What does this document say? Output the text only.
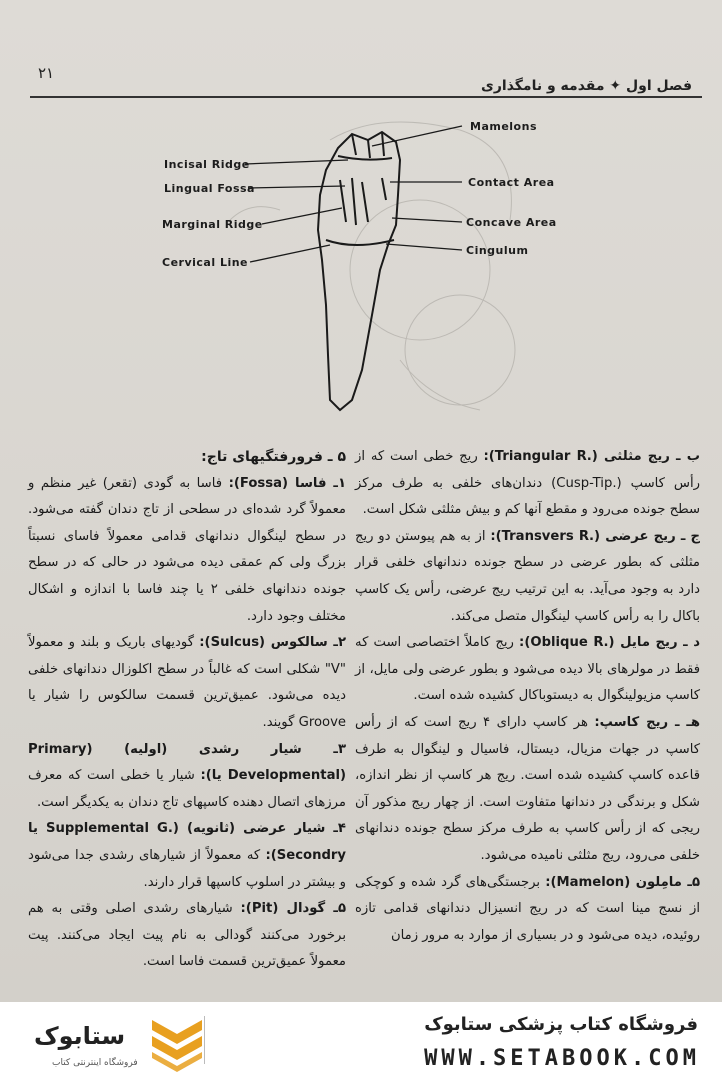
۲۱
فصل اول ✦ مقدمه و نامگذاری
Mamelons
Incisal Ridge
Lingual Fossa	Contact Area
Marginal Ridge	Concave Area
Cingulum
Cervical Line

ب ـ ریج مثلثی (.Triangular R): ریج خطی است که از رأس کاسپ (.Cusp-Tip) دندان‌های خلفی به طرف مرکز سطح جونده می‌رود و مقطع آنها کم و بیش مثلثی شکل است.

ج ـ ریج عرضی (.Transvers R): از به هم پیوستن دو ریج مثلثی که بطور عرضی در سطح جونده دندانهای خلفی قرار دارد به وجود می‌آید. به این ترتیب ریج عرضی، رأس یک کاسپ باکال را به رأس کاسپ لینگوال متصل می‌کند.

د ـ ریج مایل (.Oblique R): ریج کاملاً اختصاصی است که فقط در مولرهای بالا دیده می‌شود و بطور عرضی ولی مایل، از کاسپ مزیولینگوال به دیستوباکال کشیده شده است.

هـ ـ ریج کاسپ: هر کاسپ دارای ۴ ریج است که از رأس کاسپ در جهات مزیال، دیستال، فاسیال و لینگوال به طرف قاعده کاسپ کشیده شده است. ریج هر کاسپ از نظر اندازه، شکل و برندگی در دندانها متفاوت است. از چهار ریج مذکور آن ریجی که از رأس کاسپ به طرف مرکز سطح جونده دندانهای خلفی می‌رود، ریج مثلثی نامیده می‌شود.

۵ـ مامِلون (Mamelon): برجستگی‌های گرد شده و کوچکی از نسج مینا است که در ریج انسیزال دندانهای قدامی تازه روئیده، دیده می‌شود و در بسیاری از موارد به مرور زمان

۵ ـ فرورفتگیهای تاج:

۱ـ فاسا (Fossa): فاسا به گودی (تقعر) غیر منظم و معمولاً گرد شده‌ای در سطحی از تاج دندان گفته می‌شود. در سطح لینگوال دندانهای قدامی معمولاً فاسای نسبتاً بزرگ ولی کم عمقی دیده می‌شود در حالی که در سطح جونده دندانهای خلفی ۲ یا چند فاسا با اندازه و اشکال مختلف وجود دارد.

۲ـ سالکوس (Sulcus): گودیهای باریک و بلند و معمولاً "V" شکلی است که غالباً در سطح اکلوزال دندانهای خلفی دیده می‌شود. عمیق‌ترین قسمت سالکوس را شیار یا Groove گویند.

۳ـ شیار رشدی (اولیه) (Primary (Developmental یا): شیار یا خطی است که معرف مرزهای اتصال دهنده کاسپهای تاج دندان به یکدیگر است.

۴ـ شیار عرضی (ثانویه) (.Supplemental G یا Secondry): که معمولاً از شیارهای رشدی جدا می‌شود و بیشتر در اسلوپ کاسپها قرار دارند.

۵ـ گودال (Pit): شیارهای رشدی اصلی وقتی به هم برخورد می‌کنند گودالی به نام پیت ایجاد می‌کنند. پیت معمولاً عمیق‌ترین قسمت فاسا است.

ستابوک
فروشگاه اینترنتی کتاب
فروشگاه کتاب پزشکی ستابوک
WWW.SETABOOK.COM
